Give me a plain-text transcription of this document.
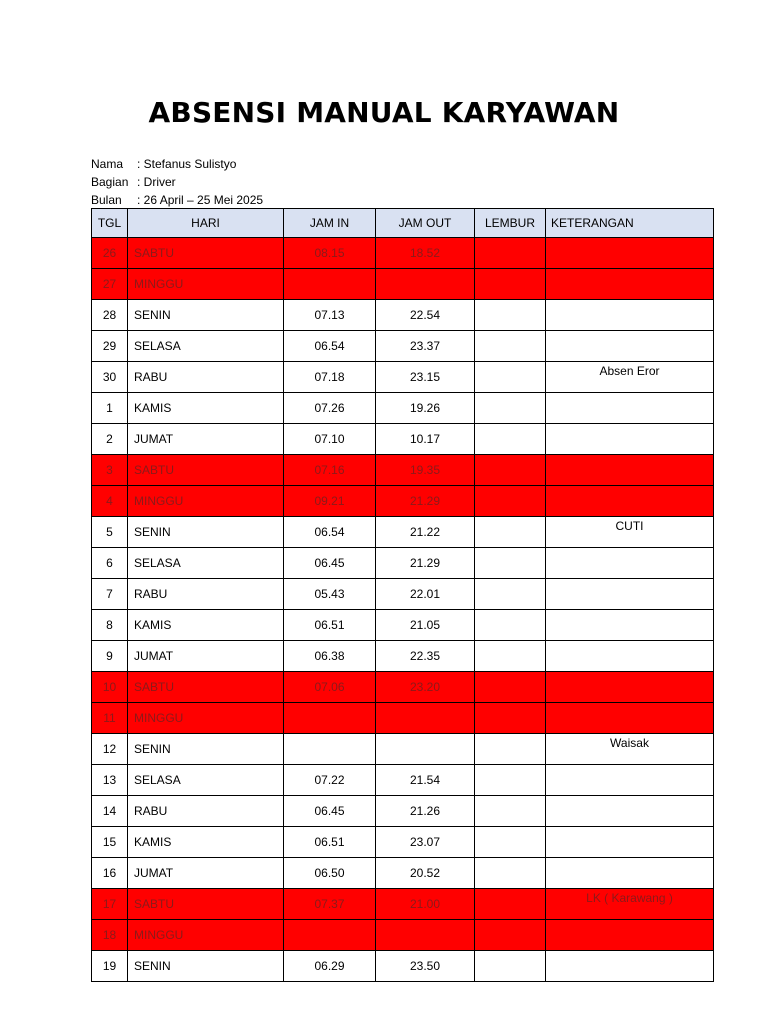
ABSENSI MANUAL KARYAWAN
Nama	: Stefanus Sulistyo
Bagian : Driver
Bulan	: 26 April – 25 Mei 2025
TGL	HARI	JAM IN	JAM OUT	LEMBUR	KETERANGAN
26	SABTU	08.15	18.52		
27	MINGGU				
28	SENIN	07.13	22.54		
29	SELASA	06.54	23.37		
30	RABU	07.18	23.15		Absen Eror
1	KAMIS	07.26	19.26		
2	JUMAT	07.10	10.17		
3	SABTU	07.16	19.35		
4	MINGGU	09.21	21.29		
5	SENIN	06.54	21.22		CUTI
6	SELASA	06.45	21.29		
7	RABU	05.43	22.01		
8	KAMIS	06.51	21.05		
9	JUMAT	06.38	22.35		
10	SABTU	07.06	23.20		
11	MINGGU				
12	SENIN				Waisak
13	SELASA	07.22	21.54		
14	RABU	06.45	21.26		
15	KAMIS	06.51	23.07		
16	JUMAT	06.50	20.52		
17	SABTU	07.37	21.00		LK ( Karawang )
18	MINGGU				
19	SENIN	06.29	23.50		
